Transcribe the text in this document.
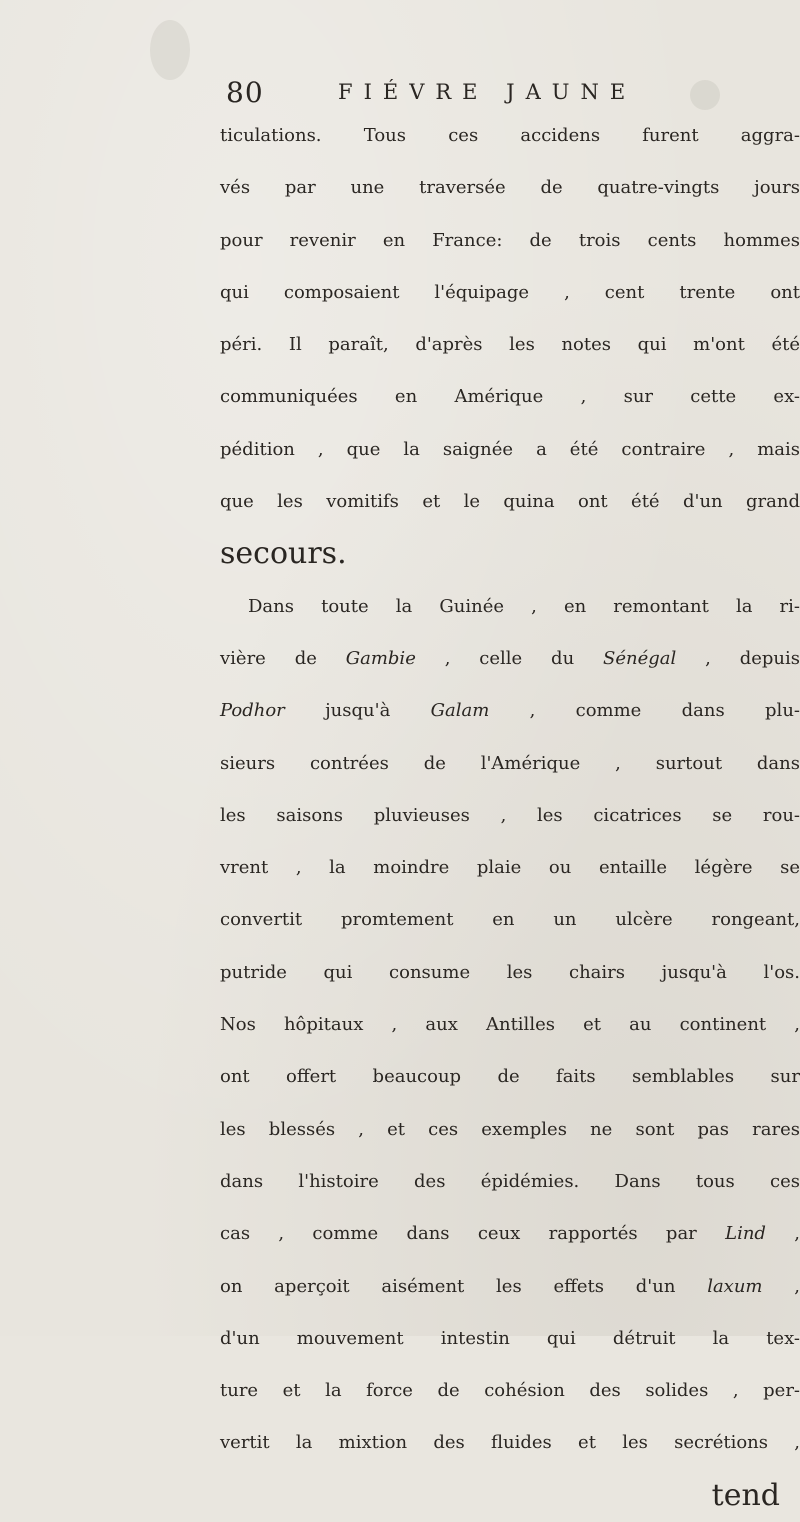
80	FIÉVRE JAUNE
ticulations. Tous ces accidens furent aggra-
vés par une traversée de quatre-vingts jours
pour revenir en France: de trois cents hommes
qui composaient l'équipage , cent trente ont
péri. Il paraît, d'après les notes qui m'ont été
communiquées en Amérique , sur cette ex-
pédition , que la saignée a été contraire , mais
que les vomitifs et le quina ont été d'un grand
secours.
Dans toute la Guinée , en remontant la ri-
vière de Gambie , celle du Sénégal , depuis
Podhor jusqu'à Galam , comme dans plu-
sieurs contrées de l'Amérique , surtout dans
les saisons pluvieuses , les cicatrices se rou-
vrent , la moindre plaie ou entaille légère se
convertit promtement en un ulcère rongeant,
putride qui consume les chairs jusqu'à l'os.
Nos hôpitaux , aux Antilles et au continent ,
ont offert beaucoup de faits semblables sur
les blessés , et ces exemples ne sont pas rares
dans l'histoire des épidémies. Dans tous ces
cas , comme dans ceux rapportés par Lind ,
on aperçoit aisément les effets d'un laxum ,
d'un mouvement intestin qui détruit la tex-
ture et la force de cohésion des solides , per-
vertit la mixtion des fluides et les secrétions ,
tend
